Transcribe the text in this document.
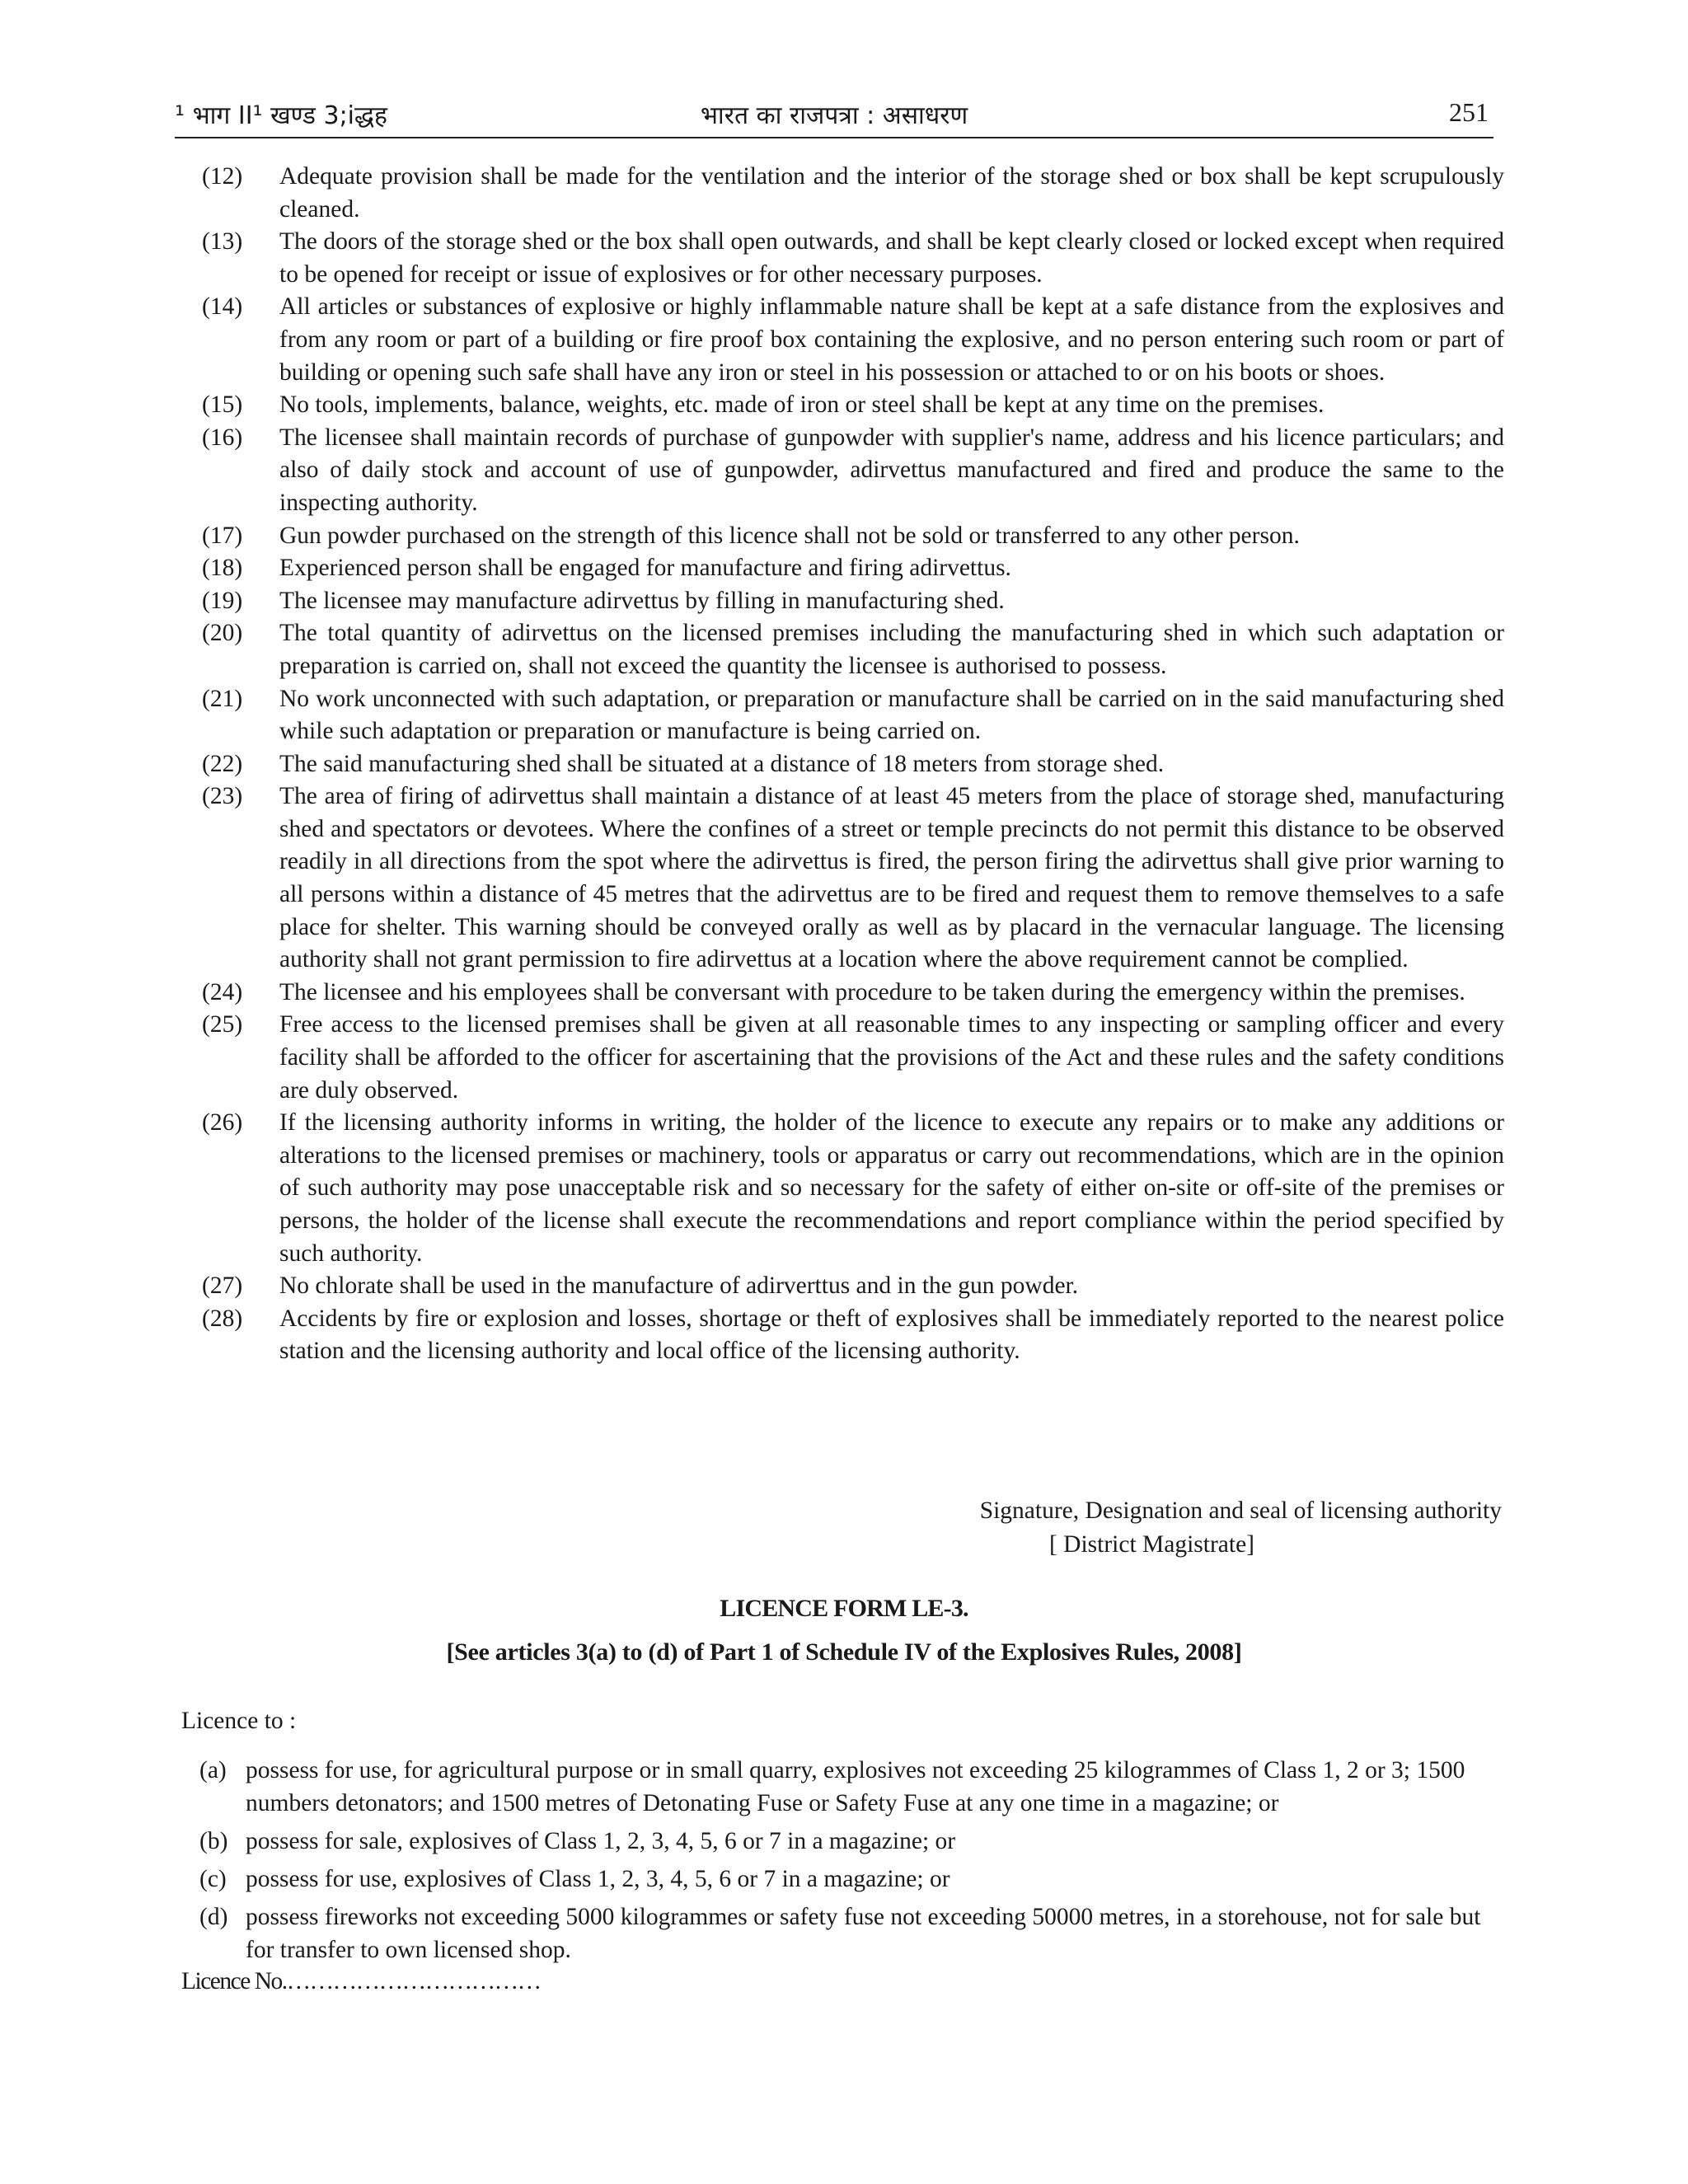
¹ भाग II¹ खण्ड 3;iद्धह	भारत का राजपत्रा : असाधरण	251
(12)	Adequate provision shall be made for the ventilation and the interior of the storage shed or box shall be kept scrupulously cleaned.
(13)	The doors of the storage shed or the box shall open outwards, and shall be kept clearly closed or locked except when required to be opened for receipt or issue of explosives or for other necessary purposes.
(14)	All articles or substances of explosive or highly inflammable nature shall be kept at a safe distance from the explosives and from any room or part of a building or fire proof box containing the explosive, and no person entering such room or part of building or opening such safe shall have any iron or steel in his possession or attached to or on his boots or shoes.
(15)	No tools, implements, balance, weights, etc. made of iron or steel shall be kept at any time on the premises.
(16)	The licensee shall maintain records of purchase of gunpowder with supplier's name, address and his licence particulars; and also of daily stock and account of use of gunpowder, adirvettus manufactured and fired and produce the same to the inspecting authority.
(17)	Gun powder purchased on the strength of this licence shall not be sold or transferred to any other person.
(18)	Experienced person shall be engaged for manufacture and firing adirvettus.
(19)	The licensee may manufacture adirvettus by filling in manufacturing shed.
(20)	The total quantity of adirvettus on the licensed premises including the manufacturing shed in which such adaptation or preparation is carried on, shall not exceed the quantity the licensee is authorised to possess.
(21)	No work unconnected with such adaptation, or preparation or manufacture shall be carried on in the said manufacturing shed while such adaptation or preparation or manufacture is being carried on.
(22)	The said manufacturing shed shall be situated at a distance of 18 meters from storage shed.
(23)	The area of firing of adirvettus shall maintain a distance of at least 45 meters from the place of storage shed, manufacturing shed and spectators or devotees. Where the confines of a street or temple precincts do not permit this distance to be observed readily in all directions from the spot where the adirvettus is fired, the person firing the adirvettus shall give prior warning to all persons within a distance of 45 metres that the adirvettus are to be fired and request them to remove themselves to a safe place for shelter. This warning should be conveyed orally as well as by placard in the vernacular language. The licensing authority shall not grant permission to fire adirvettus at a location where the above requirement cannot be complied.
(24)	The licensee and his employees shall be conversant with procedure to be taken during the emergency within the premises.
(25)	Free access to the licensed premises shall be given at all reasonable times to any inspecting or sampling officer and every facility shall be afforded to the officer for ascertaining that the provisions of the Act and these rules and the safety conditions are duly observed.
(26)	If the licensing authority informs in writing, the holder of the licence to execute any repairs or to make any additions or alterations to the licensed premises or machinery, tools or apparatus or carry out recommendations, which are in the opinion of such authority may pose unacceptable risk and so necessary for the safety of either on-site or off-site of the premises or persons, the holder of the license shall execute the recommendations and report compliance within the period specified by such authority.
(27)	No chlorate shall be used in the manufacture of adirverttus and in the gun powder.
(28)	Accidents by fire or explosion and losses, shortage or theft of explosives shall be immediately reported to the nearest police station and the licensing authority and local office of the licensing authority.
Signature, Designation and seal of licensing authority
[ District Magistrate]
LICENCE FORM LE-3.
[See articles 3(a) to (d) of Part 1 of Schedule IV of the Explosives Rules, 2008]
Licence to :
(a) possess for use, for agricultural purpose or in small quarry, explosives not exceeding 25 kilogrammes of Class 1, 2 or 3; 1500 numbers detonators; and 1500 metres of Detonating Fuse or Safety Fuse at any one time in a magazine; or
(b) possess for sale, explosives of Class 1, 2, 3, 4, 5, 6 or 7 in a magazine; or
(c) possess for use, explosives of Class 1, 2, 3, 4, 5, 6 or 7 in a magazine; or
(d) possess fireworks not exceeding 5000 kilogrammes or safety fuse not exceeding 50000 metres, in a storehouse, not for sale but for transfer to own licensed shop.
Licence No.……………………………
